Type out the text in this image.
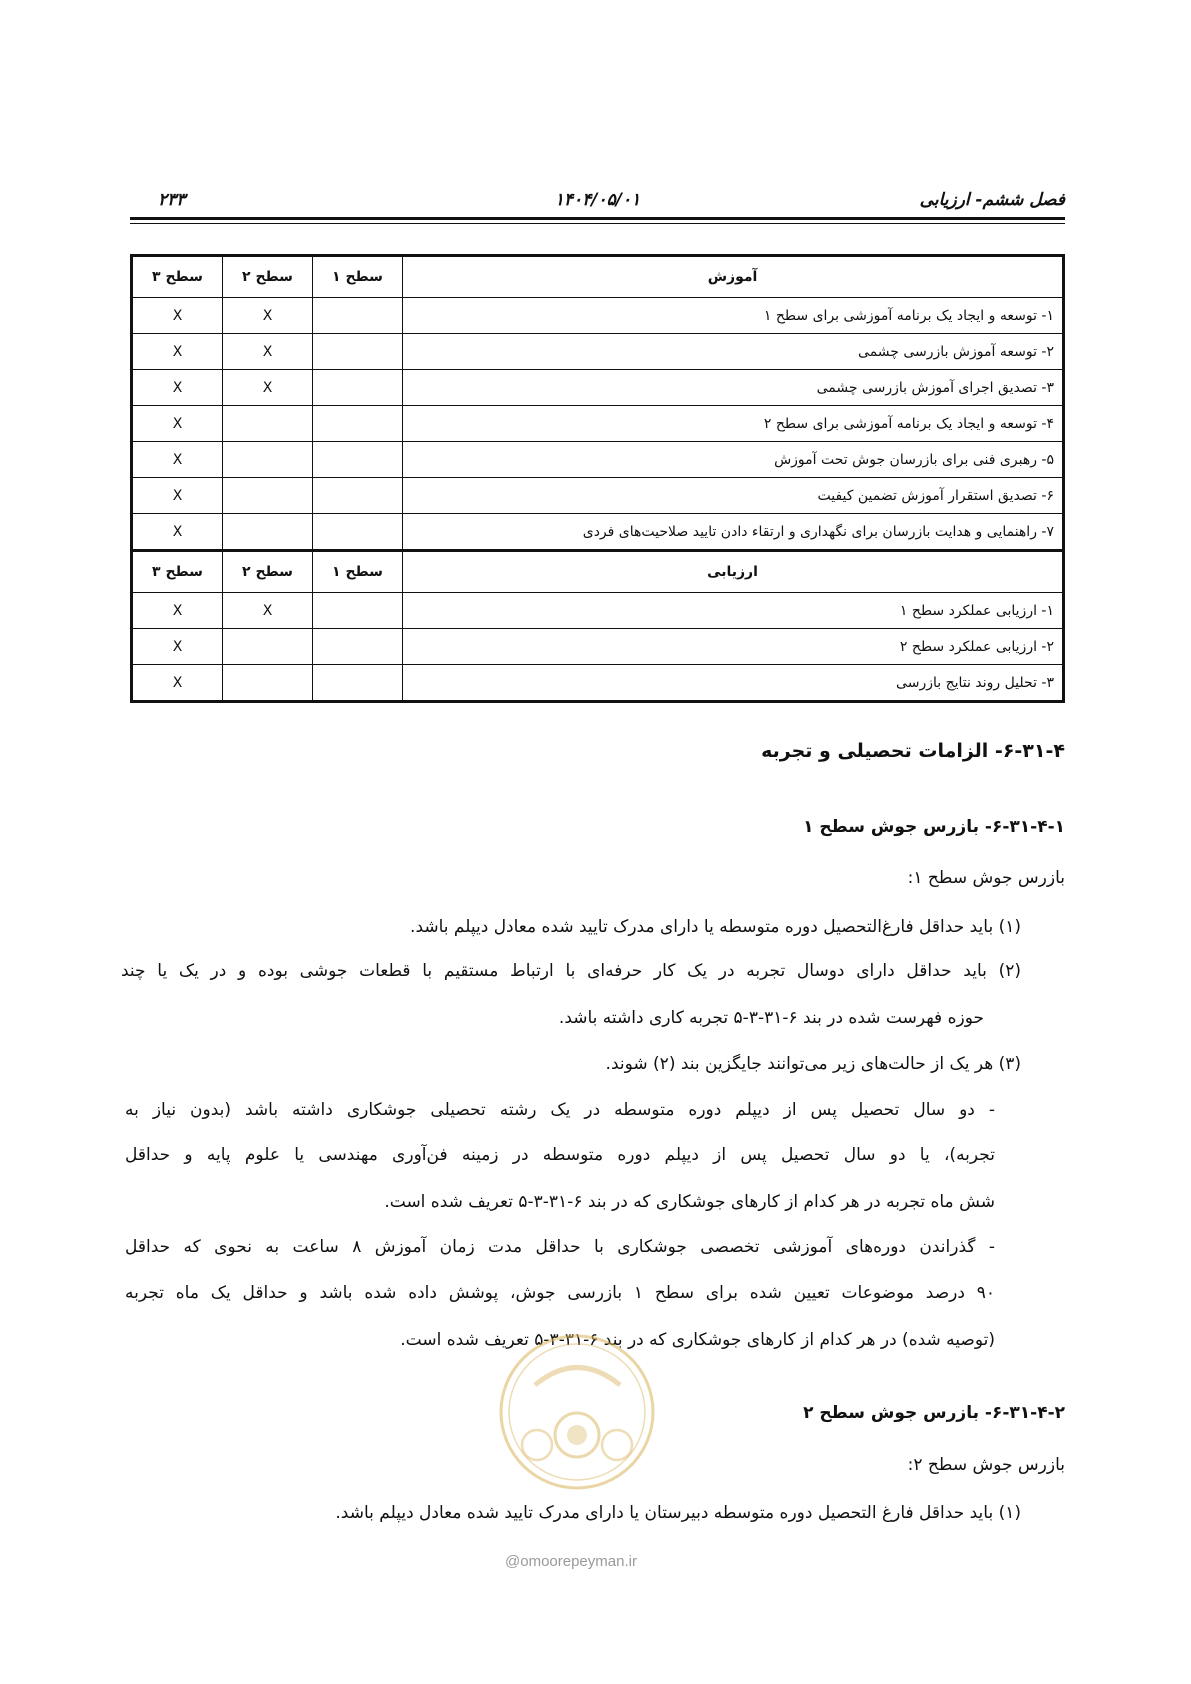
فصل ششم- ارزیابی
۱۴۰۴/۰۵/۰۱
۲۳۳
آموزش	سطح ۱	سطح ۲	سطح ۳
۱- توسعه و ایجاد یک برنامه آموزشی برای سطح ۱		X	X
۲- توسعه آموزش بازرسی چشمی		X	X
۳- تصدیق اجرای آموزش بازرسی چشمی		X	X
۴- توسعه و ایجاد یک برنامه آموزشی برای سطح ۲			X
۵- رهبری فنی برای بازرسان جوش تحت آموزش			X
۶- تصدیق استقرار آموزش تضمین کیفیت			X
۷- راهنمایی و هدایت بازرسان برای نگهداری و ارتقاء دادن تایید صلاحیت‌های فردی			X
ارزیابی	سطح ۱	سطح ۲	سطح ۳
۱- ارزیابی عملکرد سطح ۱		X	X
۲- ارزیابی عملکرد سطح ۲			X
۳- تحلیل روند نتایج بازرسی			X
۶-۳۱-۴- الزامات تحصیلی و تجربه
۶-۳۱-۴-۱- بازرس جوش سطح ۱
بازرس جوش سطح ۱:
(۱) باید حداقل فارغ‌التحصیل دوره متوسطه یا دارای مدرک تایید شده معادل دیپلم باشد.
(۲) باید حداقل دارای دوسال تجربه در یک کار حرفه‌ای با ارتباط مستقیم با قطعات جوشی بوده و در یک یا چند
حوزه فهرست شده در بند ۶-۳۱-۳-۵ تجربه کاری داشته باشد.
(۳) هر یک از حالت‌های زیر می‌توانند جایگزین بند (۲) شوند.
- دو سال تحصیل پس از دیپلم دوره متوسطه در یک رشته تحصیلی جوشکاری داشته باشد (بدون نیاز به
تجربه)، یا دو سال تحصیل پس از دیپلم دوره متوسطه در زمینه فن‌آوری مهندسی یا علوم پایه و حداقل
شش ماه تجربه در هر کدام از کارهای جوشکاری که در بند ۶-۳۱-۳-۵ تعریف شده است.
- گذراندن دوره‌های آموزشی تخصصی جوشکاری با حداقل مدت زمان آموزش ۸ ساعت به نحوی که حداقل
۹۰ درصد موضوعات تعیین شده برای سطح ۱ بازرسی جوش، پوشش داده شده باشد و حداقل یک ماه تجربه
(توصیه شده) در هر کدام از کارهای جوشکاری که در بند ۶-۳۱-۳-۵ تعریف شده است.
۶-۳۱-۴-۲- بازرس جوش سطح ۲
بازرس جوش سطح ۲:
(۱) باید حداقل فارغ التحصیل دوره متوسطه دبیرستان یا دارای مدرک تایید شده معادل دیپلم باشد.
@omoorepeyman.ir
